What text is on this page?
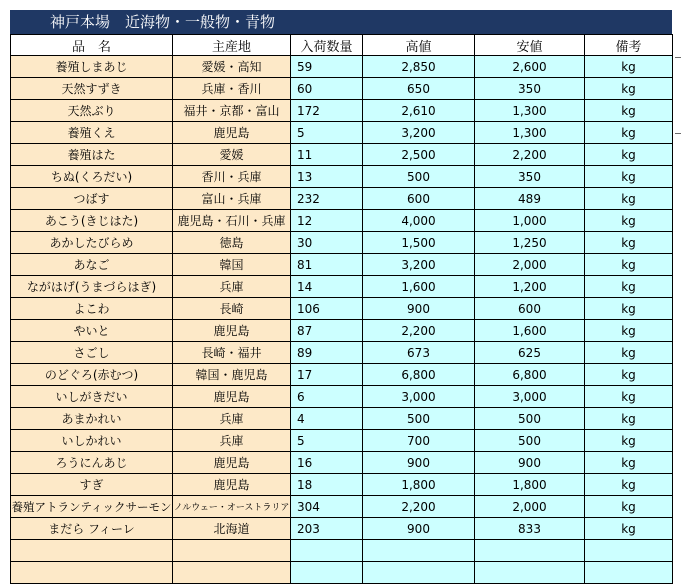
神戸本場　近海物・一般物・青物
品　名	主産地	入荷数量	高値	安値	備考
養殖しまあじ	愛媛・高知	59	2,850	2,600	kg
天然すずき	兵庫・香川	60	650	350	kg
天然ぶり	福井・京都・富山	172	2,610	1,300	kg
養殖くえ	鹿児島	5	3,200	1,300	kg
養殖はた	愛媛	11	2,500	2,200	kg
ちぬ(くろだい)	香川・兵庫	13	500	350	kg
つばす	富山・兵庫	232	600	489	kg
あこう(きじはた)	鹿児島・石川・兵庫	12	4,000	1,000	kg
あかしたびらめ	徳島	30	1,500	1,250	kg
あなご	韓国	81	3,200	2,000	kg
ながはげ(うまづらはぎ)	兵庫	14	1,600	1,200	kg
よこわ	長崎	106	900	600	kg
やいと	鹿児島	87	2,200	1,600	kg
さごし	長崎・福井	89	673	625	kg
のどぐろ(赤むつ)	韓国・鹿児島	17	6,800	6,800	kg
いしがきだい	鹿児島	6	3,000	3,000	kg
あまかれい	兵庫	4	500	500	kg
いしかれい	兵庫	5	700	500	kg
ろうにんあじ	鹿児島	16	900	900	kg
すぎ	鹿児島	18	1,800	1,800	kg
養殖アトランティックサーモン	ノルウェー・オーストラリア	304	2,200	2,000	kg
まだら フィーレ	北海道	203	900	833	kg
